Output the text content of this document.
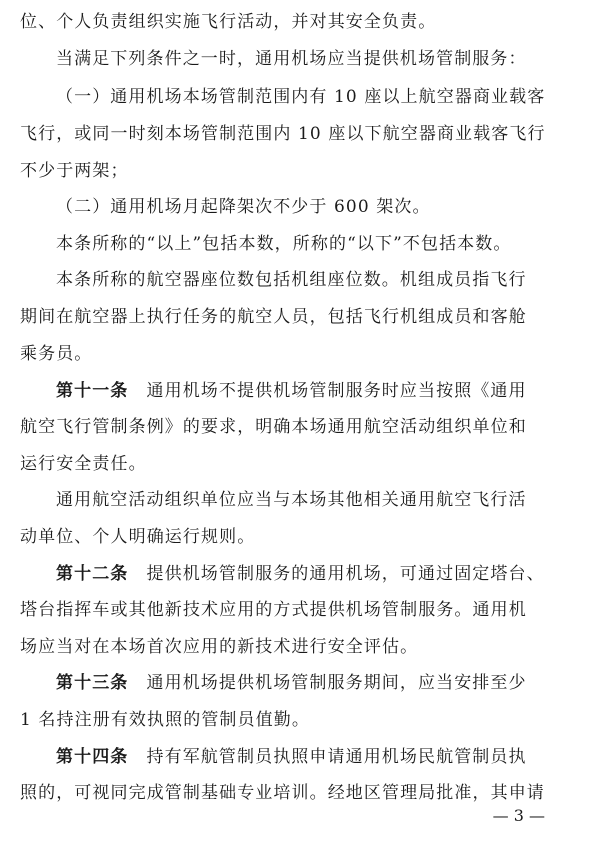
位、个人负责组织实施飞行活动，并对其安全负责。
当满足下列条件之一时，通用机场应当提供机场管制服务：
（一）通用机场本场管制范围内有 10 座以上航空器商业载客
飞行，或同一时刻本场管制范围内 10 座以下航空器商业载客飞行
不少于两架；
（二）通用机场月起降架次不少于 600 架次。
本条所称的“以上”包括本数，所称的“以下”不包括本数。
本条所称的航空器座位数包括机组座位数。机组成员指飞行
期间在航空器上执行任务的航空人员，包括飞行机组成员和客舱
乘务员。
第十一条　通用机场不提供机场管制服务时应当按照《通用
航空飞行管制条例》的要求，明确本场通用航空活动组织单位和
运行安全责任。
通用航空活动组织单位应当与本场其他相关通用航空飞行活
动单位、个人明确运行规则。
第十二条　提供机场管制服务的通用机场，可通过固定塔台、
塔台指挥车或其他新技术应用的方式提供机场管制服务。通用机
场应当对在本场首次应用的新技术进行安全评估。
第十三条　通用机场提供机场管制服务期间，应当安排至少
1 名持注册有效执照的管制员值勤。
第十四条　持有军航管制员执照申请通用机场民航管制员执
照的，可视同完成管制基础专业培训。经地区管理局批准，其申请
— 3 —
